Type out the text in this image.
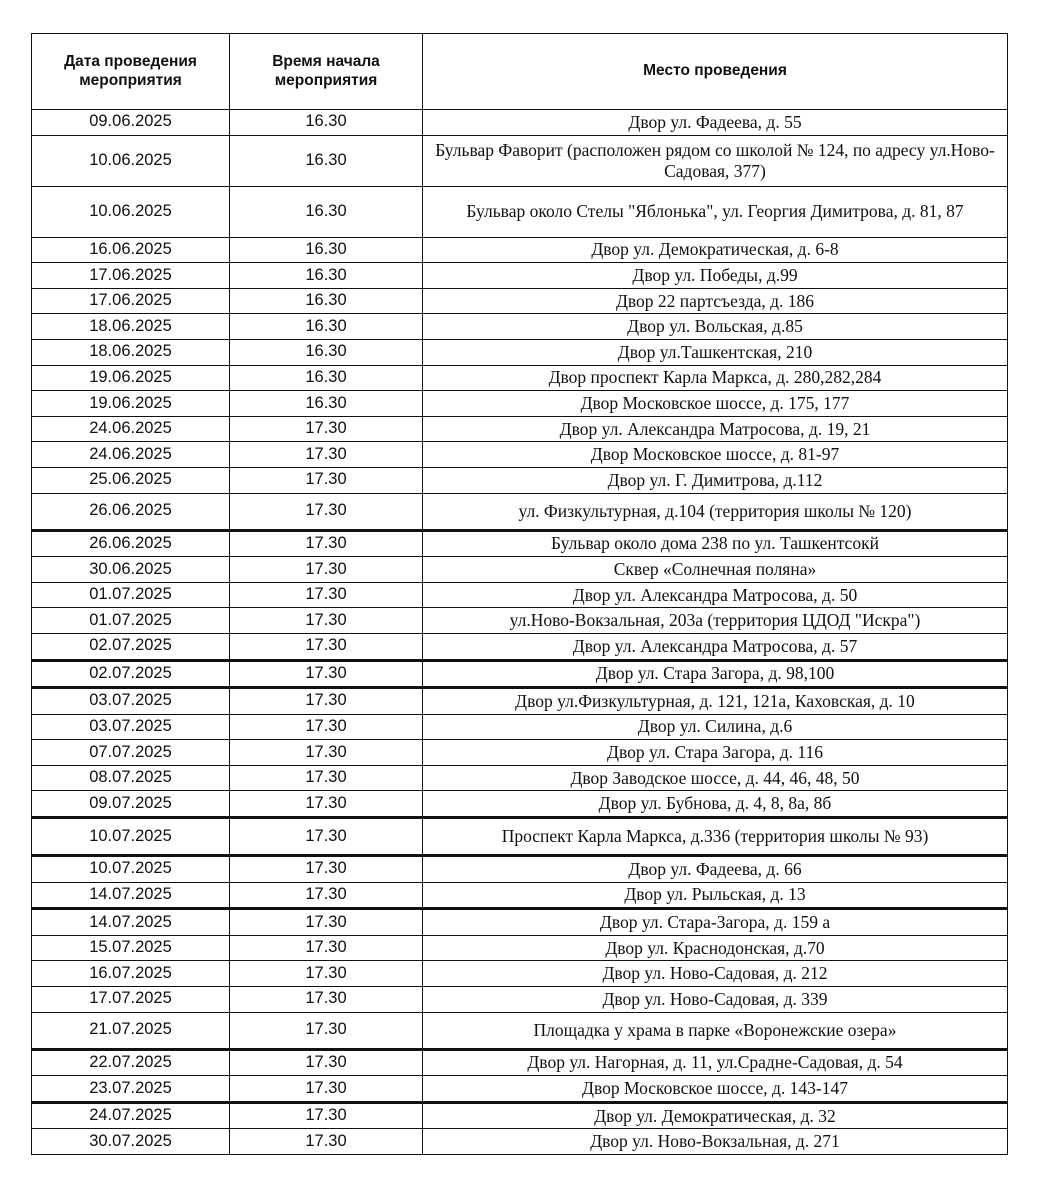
Дата проведения мероприятия	Время начала мероприятия	Место проведения
09.06.2025	16.30	Двор ул. Фадеева, д. 55
10.06.2025	16.30	Бульвар Фаворит (расположен рядом со школой № 124, по адресу ул.Ново-Садовая, 377)
10.06.2025	16.30	Бульвар около Стелы "Яблонька", ул. Георгия Димитрова, д. 81, 87
16.06.2025	16.30	Двор ул. Демократическая, д. 6-8
17.06.2025	16.30	Двор ул. Победы, д.99
17.06.2025	16.30	Двор 22 партсъезда, д. 186
18.06.2025	16.30	Двор ул. Вольская, д.85
18.06.2025	16.30	Двор ул.Ташкентская, 210
19.06.2025	16.30	Двор проспект Карла Маркса, д. 280,282,284
19.06.2025	16.30	Двор Московское шоссе, д. 175, 177
24.06.2025	17.30	Двор ул. Александра Матросова, д. 19, 21
24.06.2025	17.30	Двор Московское шоссе, д. 81-97
25.06.2025	17.30	Двор ул. Г. Димитрова, д.112
26.06.2025	17.30	ул. Физкультурная, д.104 (территория школы № 120)
26.06.2025	17.30	Бульвар около дома 238 по ул. Ташкентсокй
30.06.2025	17.30	Сквер «Солнечная поляна»
01.07.2025	17.30	Двор ул. Александра Матросова, д. 50
01.07.2025	17.30	ул.Ново-Вокзальная, 203а (территория ЦДОД "Искра")
02.07.2025	17.30	Двор ул. Александра Матросова, д. 57
02.07.2025	17.30	Двор ул. Стара Загора, д. 98,100
03.07.2025	17.30	Двор ул.Физкультурная, д. 121, 121а, Каховская, д. 10
03.07.2025	17.30	Двор ул. Силина, д.6
07.07.2025	17.30	Двор ул. Стара Загора, д. 116
08.07.2025	17.30	Двор Заводское шоссе, д. 44, 46, 48, 50
09.07.2025	17.30	Двор ул. Бубнова, д. 4, 8, 8а, 8б
10.07.2025	17.30	Проспект Карла Маркса, д.336 (территория школы № 93)
10.07.2025	17.30	Двор ул. Фадеева, д. 66
14.07.2025	17.30	Двор ул. Рыльская, д. 13
14.07.2025	17.30	Двор ул. Стара-Загора, д. 159 а
15.07.2025	17.30	Двор ул. Краснодонская, д.70
16.07.2025	17.30	Двор ул. Ново-Садовая, д. 212
17.07.2025	17.30	Двор ул. Ново-Садовая, д. 339
21.07.2025	17.30	Площадка у храма в парке «Воронежские озера»
22.07.2025	17.30	Двор ул. Нагорная, д. 11, ул.Срадне-Садовая, д. 54
23.07.2025	17.30	Двор Московское шоссе, д. 143-147
24.07.2025	17.30	Двор ул. Демократическая, д. 32
30.07.2025	17.30	Двор ул. Ново-Вокзальная, д. 271
